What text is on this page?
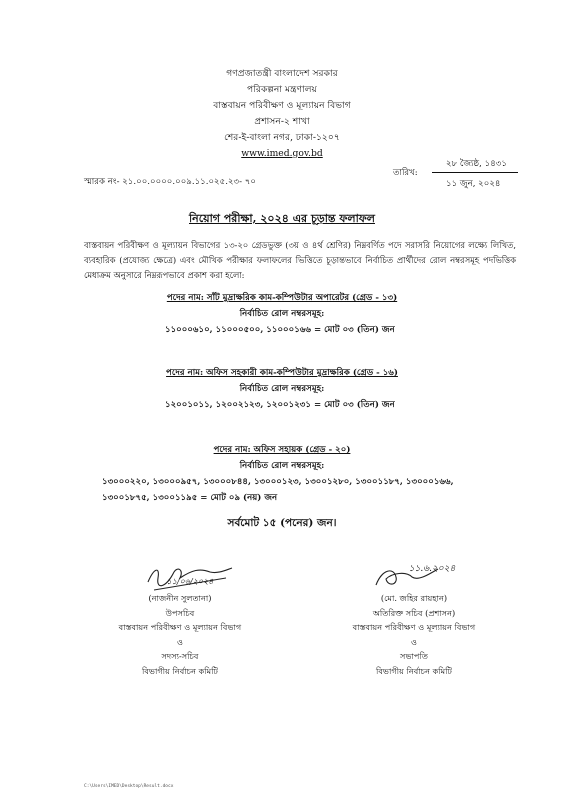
গণপ্রজাতন্ত্রী বাংলাদেশ সরকার
পরিকল্পনা মন্ত্রণালয়
বাস্তবায়ন পরিবীক্ষণ ও মূল্যায়ন বিভাগ
প্রশাসন-২ শাখা
শের-ই-বাংলা নগর, ঢাকা-১২০৭
www.imed.gov.bd
স্মারক নং- ২১.০০.০০০০.০০৯.১১.০২৫.২৩- ৭০
তারিখ:
২৮ জ্যৈষ্ঠ, ১৪৩১
১১ জুন, ২০২৪
নিয়োগ পরীক্ষা, ২০২৪ এর চূড়ান্ত ফলাফল
বাস্তবায়ন পরিবীক্ষণ ও মূল্যায়ন বিভাগের ১৩-২০ গ্রেডভুক্ত (৩য় ও ৪র্থ শ্রেণির) নিম্নবর্ণিত পদে সরাসরি নিয়োগের লক্ষ্যে লিখিত, ব্যবহারিক (প্রযোজ্য ক্ষেত্রে) এবং মৌখিক পরীক্ষার ফলাফলের ভিত্তিতে চূড়ান্তভাবে নির্বাচিত প্রার্থীদের রোল নম্বরসমূহ পদভিত্তিক মেধাক্রম অনুসারে নিম্নরূপভাবে প্রকাশ করা হলো:
পদের নাম: সাঁট মুদ্রাক্ষরিক কাম-কম্পিউটার অপারেটর (গ্রেড - ১৩)
নির্বাচিত রোল নম্বরসমূহ:
১১০০০৬১০, ১১০০০৫০০, ১১০০০১৬৬ = মোট ০৩ (তিন) জন
পদের নাম: অফিস সহকারী কাম-কম্পিউটার মুদ্রাক্ষরিক (গ্রেড - ১৬)
নির্বাচিত রোল নম্বরসমূহ:
১২০০১০১১, ১২০০২১২৩, ১২০০১২৩১ = মোট ০৩ (তিন) জন
পদের নাম: অফিস সহায়ক (গ্রেড - ২০)
নির্বাচিত রোল নম্বরসমূহ:
১৩০০০২২০, ১৩০০০৯৫৭, ১৩০০০৮৪৪, ১৩০০০১২৩, ১৩০০১২৮০, ১৩০০১১৮৭, ১৩০০০১৬৬,
১৩০০১৮৭৫, ১৩০০১১৯৫ = মোট ০৯ (নয়) জন
সর্বমোট ১৫ (পনের) জন।
১১/০৬/২০২৪
(নাজনীন সুলতানা)
উপসচিব
বাস্তবায়ন পরিবীক্ষণ ও মূল্যায়ন বিভাগ
ও
সদস্য-সচিব
বিভাগীয় নির্বাচন কমিটি
১১.৬.২০২৪
(মো. জহির রায়হান)
অতিরিক্ত সচিব (প্রশাসন)
বাস্তবায়ন পরিবীক্ষণ ও মূল্যায়ন বিভাগ
ও
সভাপতি
বিভাগীয় নির্বাচন কমিটি
C:\Users\IMED\Desktop\Result.docx
